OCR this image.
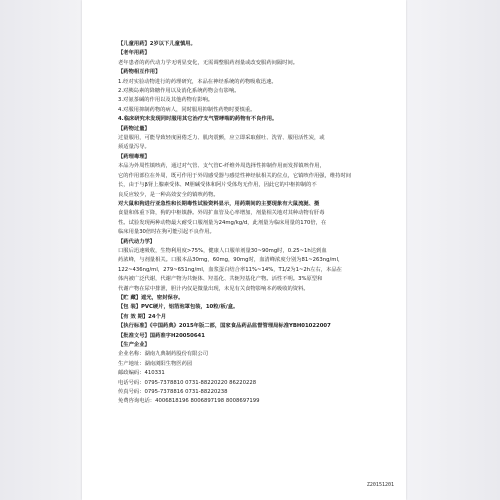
【儿童用药】2岁以下儿童慎用。
【老年用药】
老年患者的药代动力学无明显变化，无需调整服药剂量或改变服药间隔时间。
【药物相互作用】
1.经对实验动物进行的药理研究，本品在神经系统的药物吸收迅速。
2.对胰岛素的降糖作用以及消化系统药物会有影响。
3.对氨茶碱的作用以及其他药物有影响。
4.对服用抑制药物的病人，同时服用抑制性药物时要慎重。
4.临床研究未发现同时服用其它治疗支气管哮喘的药物有不良作用。
【药物过量】
过量服用，可能导致轻度困倦乏力、肌肉震颤，应立即采取催吐、洗胃、服用活性炭，或
须适量泻导。
【药理毒理】
本品为外周性镇咳药，通过对气管、支气管C-纤维外周选择性抑制作用而发挥镇咳作用，
它的作用部位在外周，既可作用于外周感受器与感觉性神经肽相关的位点，它镇咳作用强，维持时间
长，由于与β肾上腺素受体、M胆碱受体和阿片受体均无作用，因此它的中枢抑制的不
良反应较少，是一种高效安全的镇咳药物。
对大鼠和狗进行亚急性和长期毒性试验资料显示，用药期间的主要现象有大鼠流涎、摄
食量和体重下降，狗的中枢镇静。外周扩血管及心率增加，剂量相关地对其种动物有肝毒
性。试验发现两种动物最大耐受口服剂量为24mg/kg/d，此剂量为临床用量的170倍，在
临床用量30倍时在狗可能引起不良作用。
【药代动力学】
口服后迅速吸收，生物利用度>75%，健康人口服单剂量30~90mg时，0.25~1h达到血
药浓峰，与剂量相关。口服本品30mg，60mg，90mg时，血清峰浓度分别为81~263ng/ml，
122~436ng/ml，279~651ng/ml，血浆蛋白结合率11%~14%，T1/2为1~2h左右，本品在
体内被广泛代谢，代谢产物为共轭体、羟基化、共轭羟基化产物。活性不明。3%原型和
代谢产物在尿中排泄，胆汁内仅是微量出现，未见有关食物影响本药吸收的资料。
【贮 藏】遮光，密封保存。
【包 装】PVC硬片，铝箔泡罩包装，10粒/板/盒。
【有 效 期】24个月
【执行标准】《中国药典》2015年版二部，国家食品药品监督管理局标准YBH01022007
【批准文号】国药准字H20050641
【生产企业】
企业名称：湖南九典制药股份有限公司
生产地址：湖南浏阳生物医药园
邮政编码：410331
电话号码：0795-7378810 0731-88220220 86220228
传真号码：0795-7378816 0731-88220238
免费咨询电话：4006818196 8006897198 8008697199
Z20151201
